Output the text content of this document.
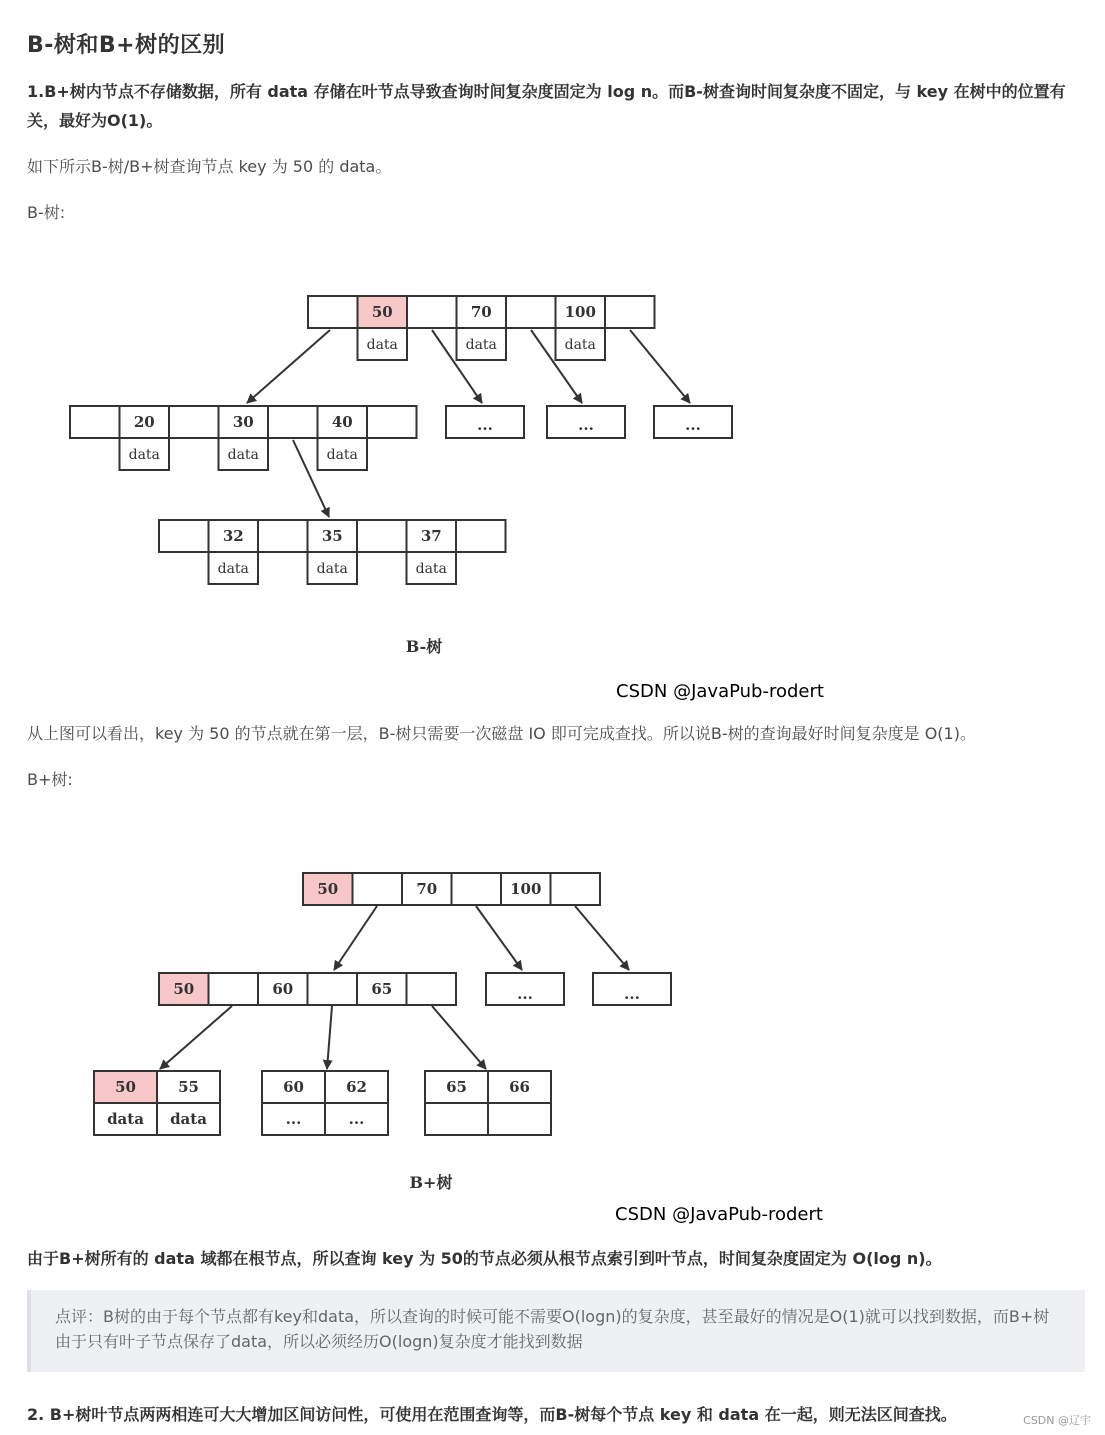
B-树和B+树的区别
1.B+树内节点不存储数据，所有 data 存储在叶节点导致查询时间复杂度固定为 log n。而B-树查询时间复杂度不固定，与 key 在树中的位置有关，最好为O(1)。
如下所示B-树/B+树查询节点 key 为 50 的 data。
B-树:
50
data
70
data
100
data
20
data
30
data
40
data
32
data
35
data
37
data
...	...	...
B-树
CSDN @JavaPub-rodert
从上图可以看出，key 为 50 的节点就在第一层，B-树只需要一次磁盘 IO 即可完成查找。所以说B-树的查询最好时间复杂度是 O(1)。
B+树:
50	70	100
50	60	65	...	...
50
data
55
data
60
...
62
...
65	66
B+树
CSDN @JavaPub-rodert
由于B+树所有的 data 域都在根节点，所以查询 key 为 50的节点必须从根节点索引到叶节点，时间复杂度固定为 O(log n)。
点评：B树的由于每个节点都有key和data，所以查询的时候可能不需要O(logn)的复杂度，甚至最好的情况是O(1)就可以找到数据，而B+树由于只有叶子节点保存了data，所以必须经历O(logn)复杂度才能找到数据
2. B+树叶节点两两相连可大大增加区间访问性，可使用在范围查询等，而B-树每个节点 key 和 data 在一起，则无法区间查找。	CSDN @辽宇
